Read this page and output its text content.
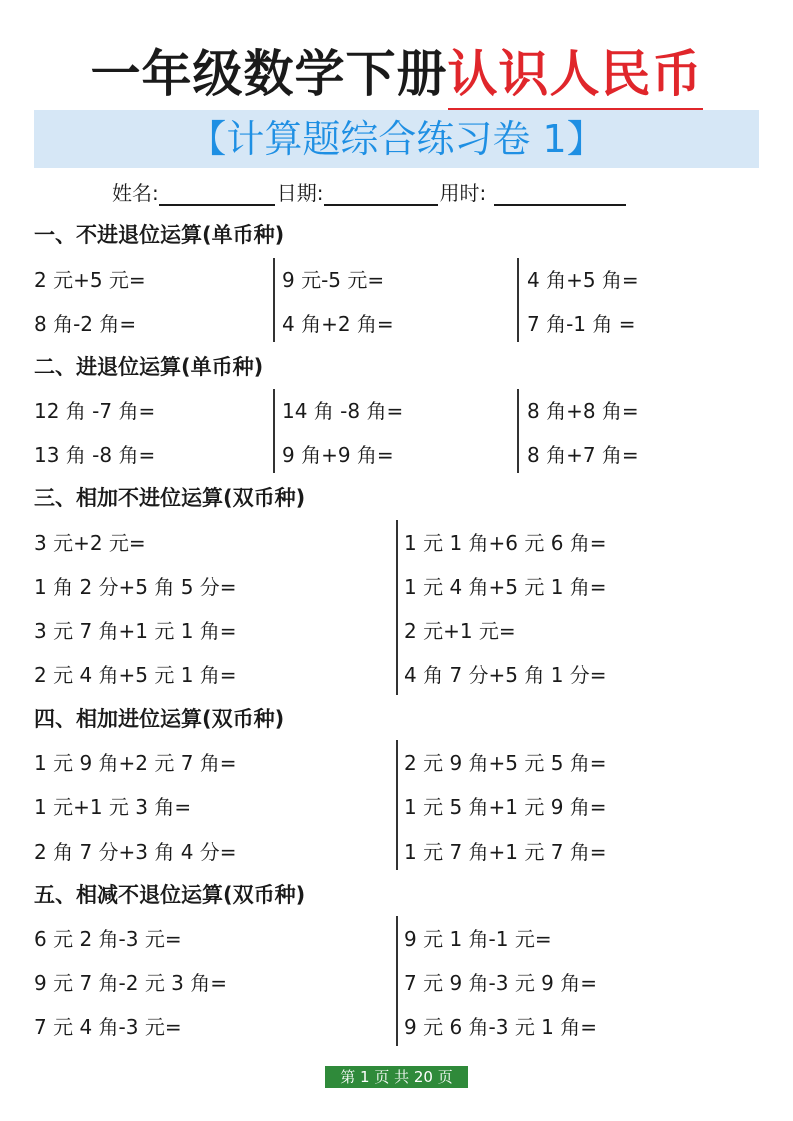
一年级数学下册认识人民币
【计算题综合练习卷 1】
姓名:	日期:	用时:
一、不进退位运算(单币种)
2 元+5 元=	9 元-5 元=	4 角+5 角=
8 角-2 角=	4 角+2 角=	7 角-1 角 =
二、进退位运算(单币种)
12 角 -7 角=	14 角 -8 角=	8 角+8 角=
13 角 -8 角=	9 角+9 角=	8 角+7 角=
三、相加不进位运算(双币种)
3 元+2 元=	1 元 1 角+6 元 6 角=
1 角 2 分+5 角 5 分=	1 元 4 角+5 元 1 角=
3 元 7 角+1 元 1 角=	2 元+1 元=
2 元 4 角+5 元 1 角=	4 角 7 分+5 角 1 分=
四、相加进位运算(双币种)
1 元 9 角+2 元 7 角=	2 元 9 角+5 元 5 角=
1 元+1 元 3 角=	1 元 5 角+1 元 9 角=
2 角 7 分+3 角 4 分=	1 元 7 角+1 元 7 角=
五、相减不退位运算(双币种)
6 元 2 角-3 元=	9 元 1 角-1 元=
9 元 7 角-2 元 3 角=	7 元 9 角-3 元 9 角=
7 元 4 角-3 元=	9 元 6 角-3 元 1 角=
第 1 页 共 20 页
